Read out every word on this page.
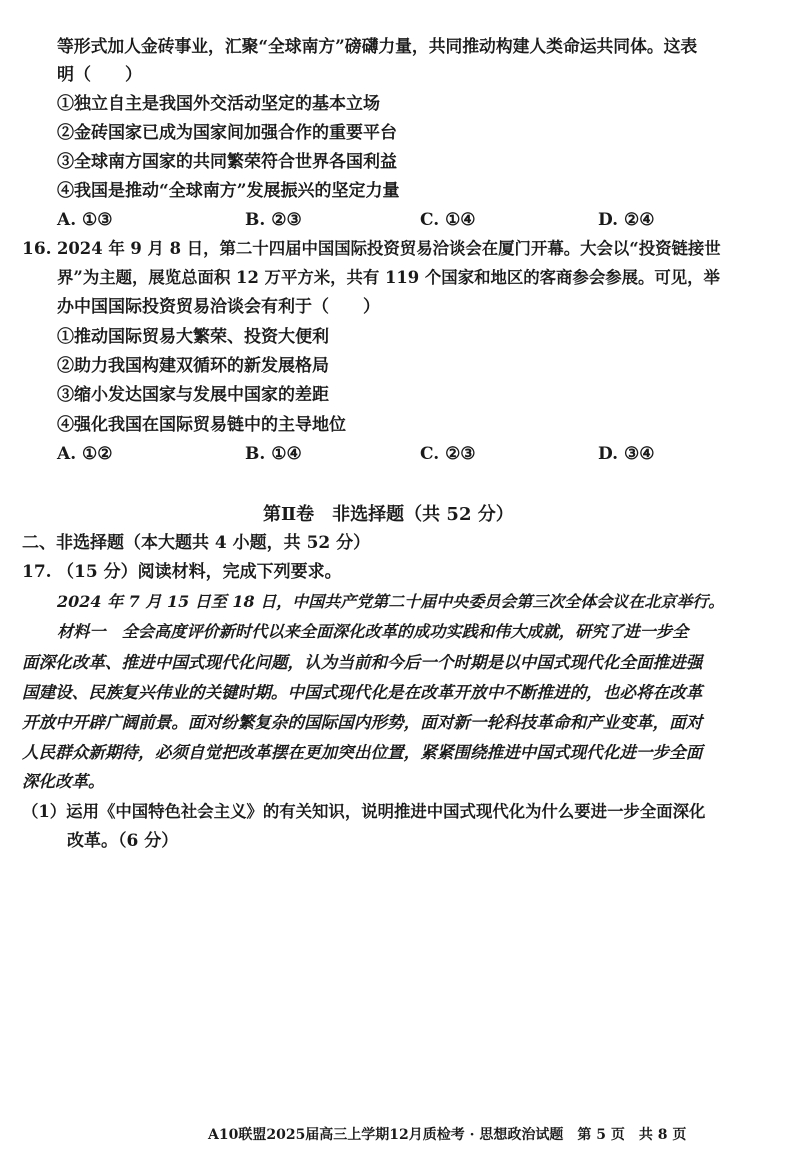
等形式加人金砖事业，汇聚“全球南方”磅礴力量，共同推动构建人类命运共同体。这表
明（　　）
①独立自主是我国外交活动坚定的基本立场
②金砖国家已成为国家间加强合作的重要平台
③全球南方国家的共同繁荣符合世界各国利益
④我国是推动“全球南方”发展振兴的坚定力量
A. ①③	B. ②③	C. ①④	D. ②④
16. 2024 年 9 月 8 日，第二十四届中国国际投资贸易洽谈会在厦门开幕。大会以“投资链接世
界”为主题，展览总面积 12 万平方米，共有 119 个国家和地区的客商参会参展。可见，举
办中国国际投资贸易洽谈会有利于（　　）
①推动国际贸易大繁荣、投资大便利
②助力我国构建双循环的新发展格局
③缩小发达国家与发展中国家的差距
④强化我国在国际贸易链中的主导地位
A. ①②	B. ①④	C. ②③	D. ③④
第Ⅱ卷　非选择题（共 52 分）
二、非选择题（本大题共 4 小题，共 52 分）
17. （15 分）阅读材料，完成下列要求。
2024 年 7 月 15 日至 18 日，中国共产党第二十届中央委员会第三次全体会议在北京举行。
材料一　全会高度评价新时代以来全面深化改革的成功实践和伟大成就，研究了进一步全
面深化改革、推进中国式现代化问题，认为当前和今后一个时期是以中国式现代化全面推进强
国建设、民族复兴伟业的关键时期。中国式现代化是在改革开放中不断推进的，也必将在改革
开放中开辟广阔前景。面对纷繁复杂的国际国内形势，面对新一轮科技革命和产业变革，面对
人民群众新期待，必须自觉把改革摆在更加突出位置，紧紧围绕推进中国式现代化进一步全面
深化改革。
（1）运用《中国特色社会主义》的有关知识，说明推进中国式现代化为什么要进一步全面深化
改革。（6 分）
A10联盟2025届高三上学期12月质检考 · 思想政治试题　第 5 页　共 8 页
